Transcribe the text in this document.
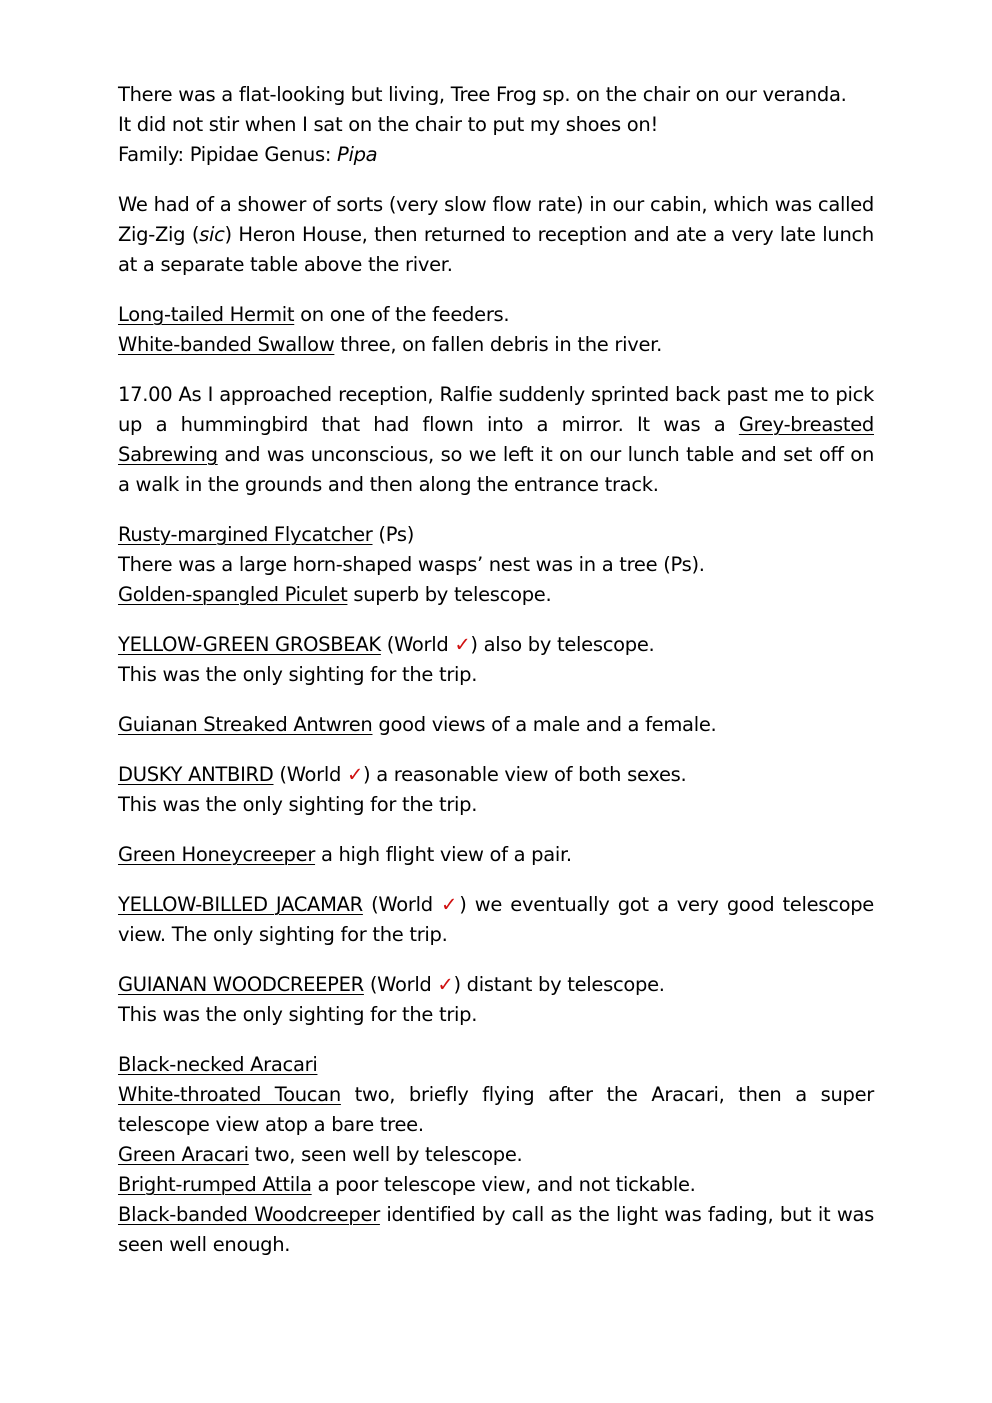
There was a flat-looking but living, Tree Frog sp. on the chair on our veranda.
It did not stir when I sat on the chair to put my shoes on!
Family: Pipidae Genus: Pipa

We had of a shower of sorts (very slow flow rate) in our cabin, which was called Zig-Zig (sic) Heron House, then returned to reception and ate a very late lunch at a separate table above the river.

Long-tailed Hermit on one of the feeders.
White-banded Swallow three, on fallen debris in the river.

17.00 As I approached reception, Ralfie suddenly sprinted back past me to pick up a hummingbird that had flown into a mirror. It was a Grey-breasted Sabrewing and was unconscious, so we left it on our lunch table and set off on a walk in the grounds and then along the entrance track.

Rusty-margined Flycatcher (Ps)
There was a large horn-shaped wasps’ nest was in a tree (Ps).
Golden-spangled Piculet superb by telescope.

YELLOW-GREEN GROSBEAK (World ✓) also by telescope.
This was the only sighting for the trip.

Guianan Streaked Antwren good views of a male and a female.

DUSKY ANTBIRD (World ✓) a reasonable view of both sexes.
This was the only sighting for the trip.

Green Honeycreeper a high flight view of a pair.

YELLOW-BILLED JACAMAR (World ✓) we eventually got a very good telescope view. The only sighting for the trip.

GUIANAN WOODCREEPER (World ✓) distant by telescope.
This was the only sighting for the trip.

Black-necked Aracari
White-throated Toucan two, briefly flying after the Aracari, then a super telescope view atop a bare tree.
Green Aracari two, seen well by telescope.
Bright-rumped Attila a poor telescope view, and not tickable.
Black-banded Woodcreeper identified by call as the light was fading, but it was seen well enough.
